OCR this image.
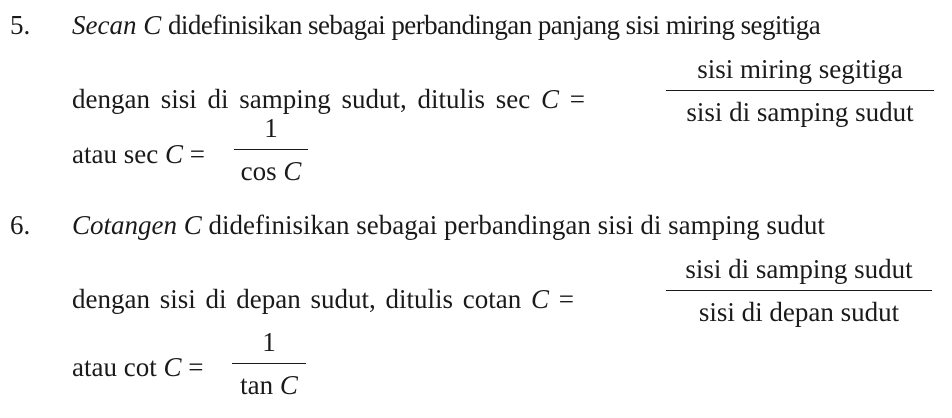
5. Secan C didefinisikan sebagai perbandingan panjang sisi miring segitiga
dengan sisi di samping sudut, ditulis sec C =
sisi miring segitiga
sisi di samping sudut
atau sec C =
1
cos C
6. Cotangen C didefinisikan sebagai perbandingan sisi di samping sudut
dengan sisi di depan sudut, ditulis cotan C =
sisi di samping sudut
sisi di depan sudut
atau cot C =
1
tan C
